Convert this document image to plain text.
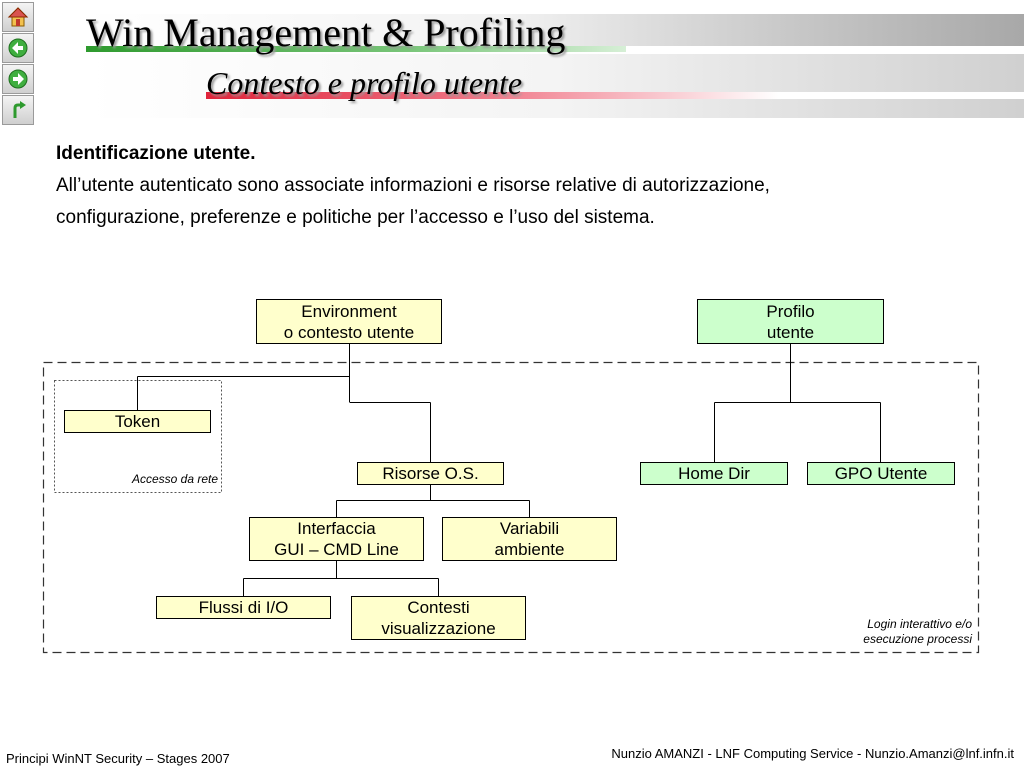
Win Management & Profiling
Contesto e profilo utente
Identificazione utente.
All’utente autenticato sono associate informazioni e risorse relative di autorizzazione,
configurazione, preferenze e politiche per l’accesso e l’uso del sistema.
Environment
o contesto utente
Profilo
utente
Token
Risorse O.S.	Home Dir	GPO Utente
Interfaccia
GUI – CMD Line
Variabili
ambiente
Flussi di I/O	Contesti
visualizzazione
Accesso da rete
Login interattivo e/o
esecuzione processi
Principi WinNT Security – Stages 2007	Nunzio AMANZI - LNF Computing Service - Nunzio.Amanzi@lnf.infn.it
